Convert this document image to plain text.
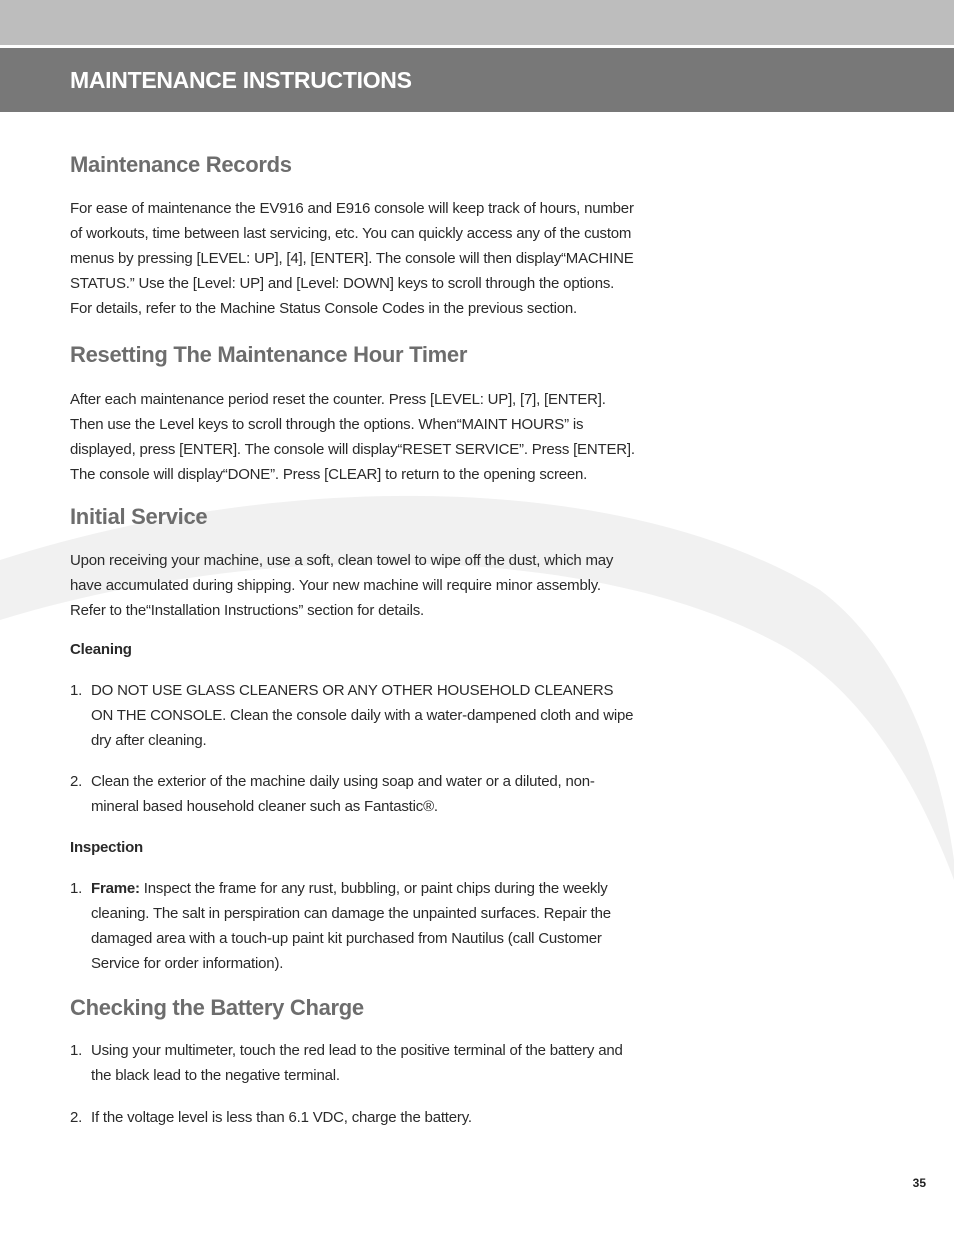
MAINTENANCE INSTRUCTIONS
Maintenance Records

For ease of maintenance the EV916 and E916 console will keep track of hours, number of workouts, time between last servicing, etc. You can quickly access any of the custom menus by pressing [LEVEL: UP], [4], [ENTER]. The console will then display“MACHINE STATUS.” Use the [Level: UP] and [Level: DOWN] keys to scroll through the options. For details, refer to the Machine Status Console Codes in the previous section.

Resetting The Maintenance Hour Timer

After each maintenance period reset the counter. Press [LEVEL: UP], [7], [ENTER]. Then use the Level keys to scroll through the options. When“MAINT HOURS” is displayed, press [ENTER]. The console will display“RESET SERVICE”. Press [ENTER]. The console will display“DONE”. Press [CLEAR] to return to the opening screen.

Initial Service

Upon receiving your machine, use a soft, clean towel to wipe off the dust, which may have accumulated during shipping. Your new machine will require minor assembly. Refer to the“Installation Instructions” section for details.

Cleaning
1. DO NOT USE GLASS CLEANERS OR ANY OTHER HOUSEHOLD CLEANERS ON THE CONSOLE. Clean the console daily with a water-dampened cloth and wipe dry after cleaning.
2. Clean the exterior of the machine daily using soap and water or a diluted, non-mineral based household cleaner such as Fantastic®.
Inspection
1. Frame: Inspect the frame for any rust, bubbling, or paint chips during the weekly cleaning. The salt in perspiration can damage the unpainted surfaces. Repair the damaged area with a touch-up paint kit purchased from Nautilus (call Customer Service for order information).
Checking the Battery Charge
1. Using your multimeter, touch the red lead to the positive terminal of the battery and the black lead to the negative terminal.
2. If the voltage level is less than 6.1 VDC, charge the battery.
35
